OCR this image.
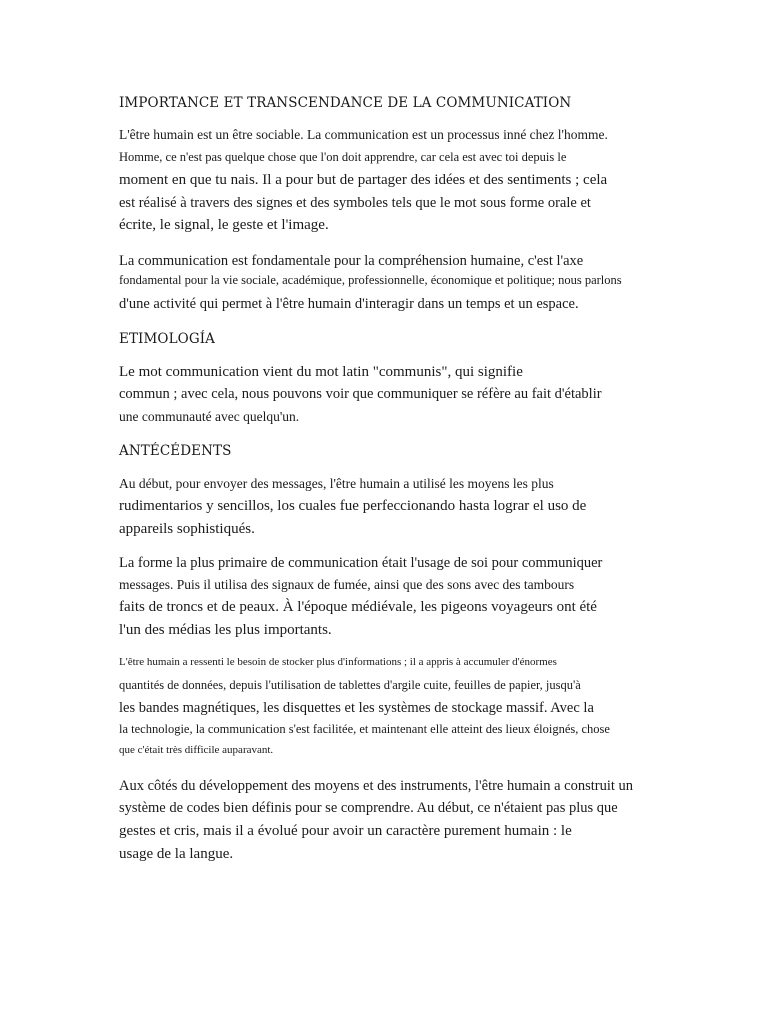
IMPORTANCE ET TRANSCENDANCE DE LA COMMUNICATION

L'être humain est un être sociable. La communication est un processus inné chez l'homme.

Homme, ce n'est pas quelque chose que l'on doit apprendre, car cela est avec toi depuis le

moment en que tu nais. Il a pour but de partager des idées et des sentiments ; cela

est réalisé à travers des signes et des symboles tels que le mot sous forme orale et

écrite, le signal, le geste et l'image.

La communication est fondamentale pour la compréhension humaine, c'est l'axe

fondamental pour la vie sociale, académique, professionnelle, économique et politique; nous parlons

d'une activité qui permet à l'être humain d'interagir dans un temps et un espace.

ETIMOLOGÍA

Le mot communication vient du mot latin "communis", qui signifie

commun ; avec cela, nous pouvons voir que communiquer se réfère au fait d'établir

une communauté avec quelqu'un.

ANTÉCÉDENTS

Au début, pour envoyer des messages, l'être humain a utilisé les moyens les plus

rudimentarios y sencillos, los cuales fue perfeccionando hasta lograr el uso de

appareils sophistiqués.

La forme la plus primaire de communication était l'usage de soi pour communiquer

messages. Puis il utilisa des signaux de fumée, ainsi que des sons avec des tambours

faits de troncs et de peaux. À l'époque médiévale, les pigeons voyageurs ont été

l'un des médias les plus importants.

L'être humain a ressenti le besoin de stocker plus d'informations ; il a appris à accumuler d'énormes

quantités de données, depuis l'utilisation de tablettes d'argile cuite, feuilles de papier, jusqu'à

les bandes magnétiques, les disquettes et les systèmes de stockage massif. Avec la

la technologie, la communication s'est facilitée, et maintenant elle atteint des lieux éloignés, chose

que c'était très difficile auparavant.

Aux côtés du développement des moyens et des instruments, l'être humain a construit un

système de codes bien définis pour se comprendre. Au début, ce n'étaient pas plus que

gestes et cris, mais il a évolué pour avoir un caractère purement humain : le

usage de la langue.
